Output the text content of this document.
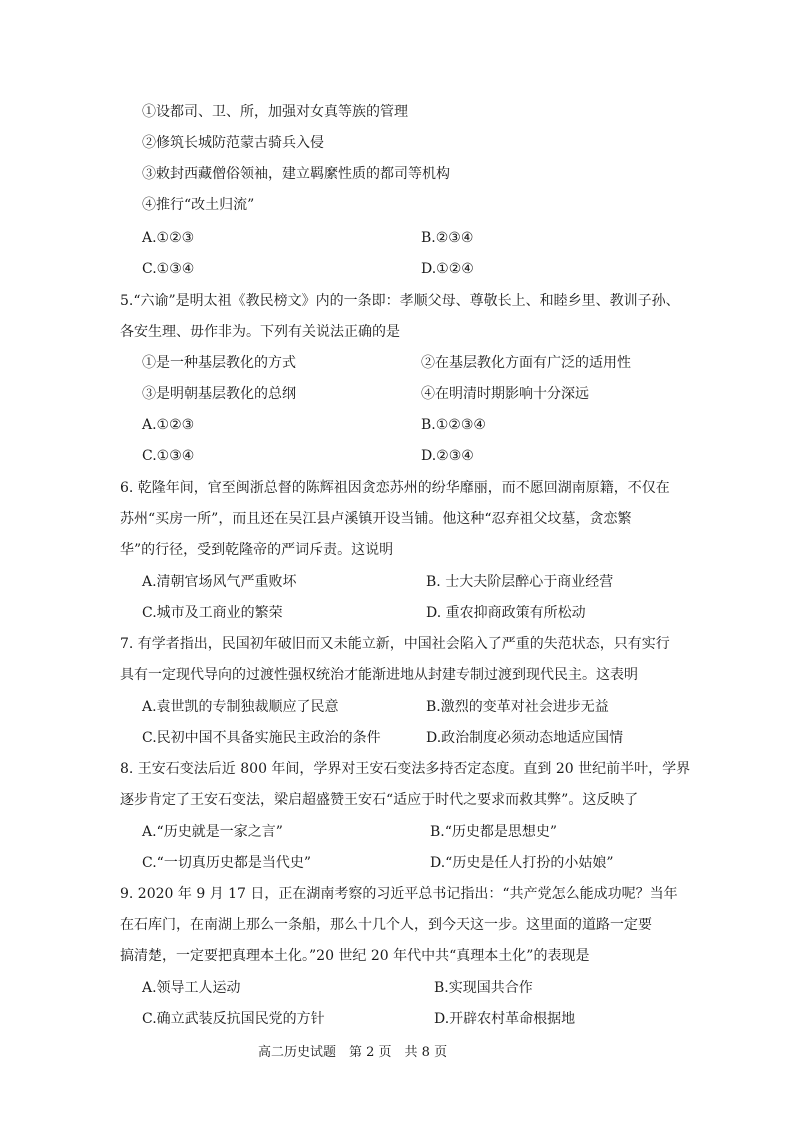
①设都司、卫、所，加强对女真等族的管理
②修筑长城防范蒙古骑兵入侵
③敕封西藏僧俗领袖，建立羁縻性质的都司等机构
④推行“改土归流”
A.①②③	B.②③④
C.①③④	D.①②④
5.“六谕”是明太祖《教民榜文》内的一条即：孝顺父母、尊敬长上、和睦乡里、教训子孙、
各安生理、毋作非为。下列有关说法正确的是
①是一种基层教化的方式	②在基层教化方面有广泛的适用性
③是明朝基层教化的总纲	④在明清时期影响十分深远
A.①②③	B.①②③④
C.①③④	D.②③④
6. 乾隆年间，官至闽浙总督的陈辉祖因贪恋苏州的纷华靡丽，而不愿回湖南原籍，不仅在
苏州“买房一所”，而且还在吴江县卢溪镇开设当铺。他这种“忍弃祖父坟墓，贪恋繁
华”的行径，受到乾隆帝的严词斥责。这说明
A.清朝官场风气严重败坏	B. 士大夫阶层醉心于商业经营
C.城市及工商业的繁荣	D. 重农抑商政策有所松动
7. 有学者指出，民国初年破旧而又未能立新，中国社会陷入了严重的失范状态，只有实行
具有一定现代导向的过渡性强权统治才能渐进地从封建专制过渡到现代民主。这表明
A.袁世凯的专制独裁顺应了民意	B.激烈的变革对社会进步无益
C.民初中国不具备实施民主政治的条件	D.政治制度必须动态地适应国情
8. 王安石变法后近 800 年间，学界对王安石变法多持否定态度。直到 20 世纪前半叶，学界
逐步肯定了王安石变法，梁启超盛赞王安石“适应于时代之要求而救其弊”。这反映了
A.“历史就是一家之言”	B.“历史都是思想史”
C.“一切真历史都是当代史”	D.“历史是任人打扮的小姑娘”
9. 2020 年 9 月 17 日，正在湖南考察的习近平总书记指出：“共产党怎么能成功呢？当年
在石库门，在南湖上那么一条船，那么十几个人，到今天这一步。这里面的道路一定要
搞清楚，一定要把真理本土化。”20 世纪 20 年代中共“真理本土化”的表现是
A.领导工人运动	B.实现国共合作
C.确立武装反抗国民党的方针	D.开辟农村革命根据地
高二历史试题　第 2 页　共 8 页
